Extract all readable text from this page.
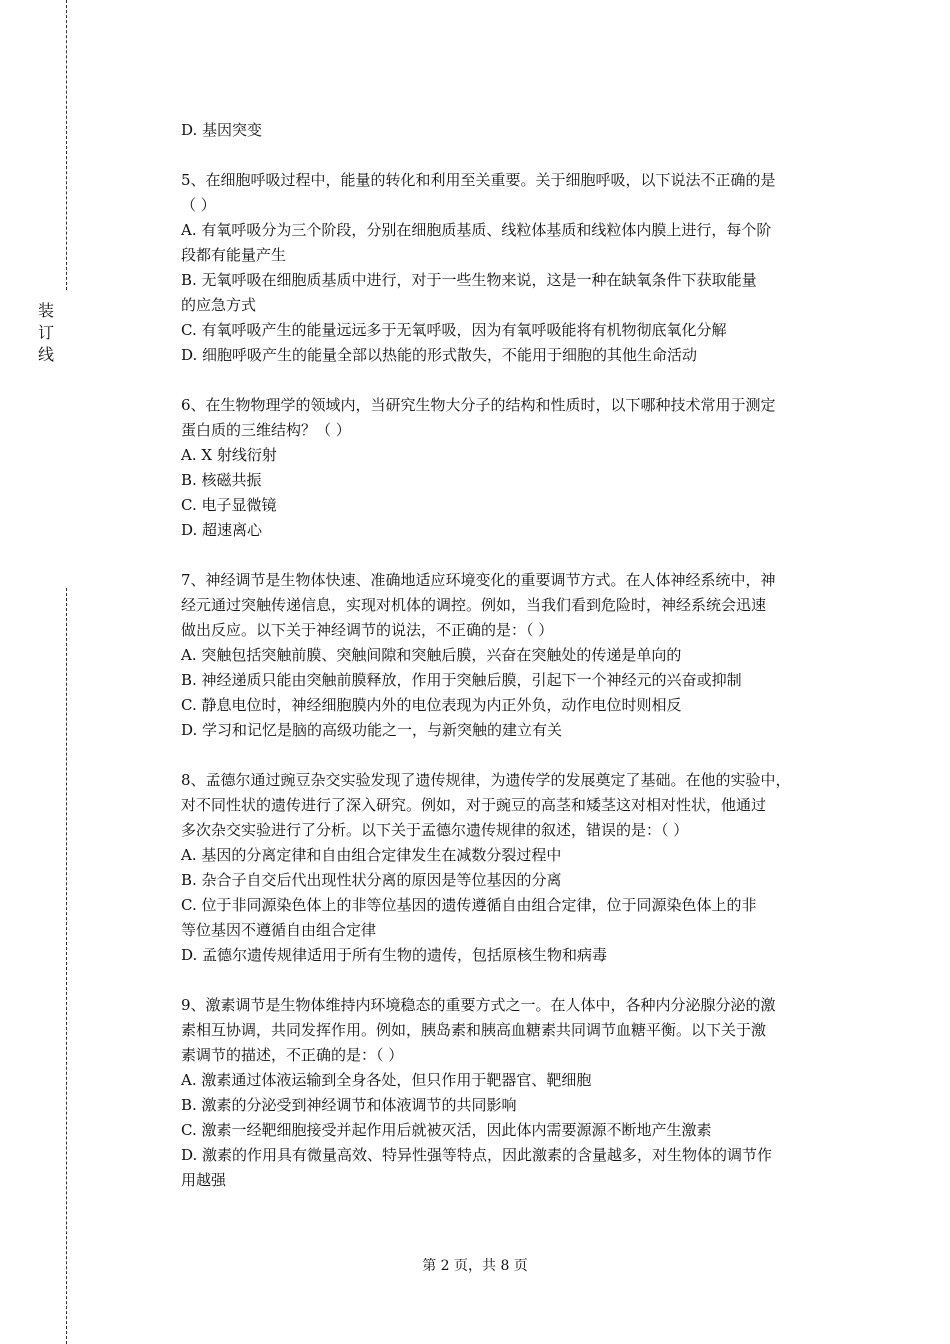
装
订
线
D. 基因突变
5、在细胞呼吸过程中，能量的转化和利用至关重要。关于细胞呼吸，以下说法不正确的是
（ ）
A. 有氧呼吸分为三个阶段，分别在细胞质基质、线粒体基质和线粒体内膜上进行，每个阶
段都有能量产生
B. 无氧呼吸在细胞质基质中进行，对于一些生物来说，这是一种在缺氧条件下获取能量
的应急方式
C. 有氧呼吸产生的能量远远多于无氧呼吸，因为有氧呼吸能将有机物彻底氧化分解
D. 细胞呼吸产生的能量全部以热能的形式散失，不能用于细胞的其他生命活动
6、在生物物理学的领域内，当研究生物大分子的结构和性质时，以下哪种技术常用于测定
蛋白质的三维结构？（ ）
A. X 射线衍射
B. 核磁共振
C. 电子显微镜
D. 超速离心
7、神经调节是生物体快速、准确地适应环境变化的重要调节方式。在人体神经系统中，神
经元通过突触传递信息，实现对机体的调控。例如，当我们看到危险时，神经系统会迅速
做出反应。以下关于神经调节的说法，不正确的是：（ ）
A. 突触包括突触前膜、突触间隙和突触后膜，兴奋在突触处的传递是单向的
B. 神经递质只能由突触前膜释放，作用于突触后膜，引起下一个神经元的兴奋或抑制
C. 静息电位时，神经细胞膜内外的电位表现为内正外负，动作电位时则相反
D. 学习和记忆是脑的高级功能之一，与新突触的建立有关
8、孟德尔通过豌豆杂交实验发现了遗传规律，为遗传学的发展奠定了基础。在他的实验中，
对不同性状的遗传进行了深入研究。例如，对于豌豆的高茎和矮茎这对相对性状，他通过
多次杂交实验进行了分析。以下关于孟德尔遗传规律的叙述，错误的是：（ ）
A. 基因的分离定律和自由组合定律发生在减数分裂过程中
B. 杂合子自交后代出现性状分离的原因是等位基因的分离
C. 位于非同源染色体上的非等位基因的遗传遵循自由组合定律，位于同源染色体上的非
等位基因不遵循自由组合定律
D. 孟德尔遗传规律适用于所有生物的遗传，包括原核生物和病毒
9、激素调节是生物体维持内环境稳态的重要方式之一。在人体中，各种内分泌腺分泌的激
素相互协调，共同发挥作用。例如，胰岛素和胰高血糖素共同调节血糖平衡。以下关于激
素调节的描述，不正确的是：（ ）
A. 激素通过体液运输到全身各处，但只作用于靶器官、靶细胞
B. 激素的分泌受到神经调节和体液调节的共同影响
C. 激素一经靶细胞接受并起作用后就被灭活，因此体内需要源源不断地产生激素
D. 激素的作用具有微量高效、特异性强等特点，因此激素的含量越多，对生物体的调节作
用越强
第 2 页，共 8 页
